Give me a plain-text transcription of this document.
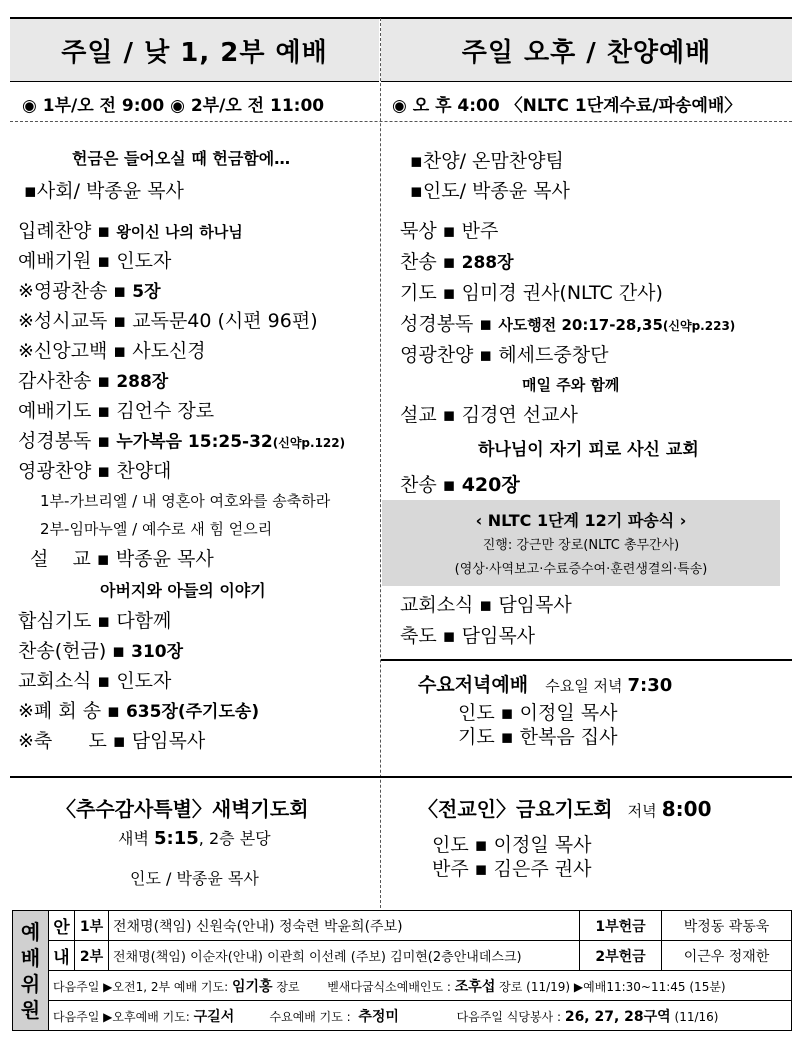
주일 / 낮 1, 2부 예배	주일 오후 / 찬양예배
◉ 1부/오 전 9:00 ◉ 2부/오 전 11:00	◉ 오 후 4:00 〈NLTC 1단계수료/파송예배〉
헌금은 들어오실 때 헌금함에…
▪사회/ 박종윤 목사
입례찬양 ▪ 왕이신 나의 하나님
예배기원 ▪ 인도자
※영광찬송 ▪ 5장
※성시교독 ▪ 교독문40 (시편 96편)
※신앙고백 ▪ 사도신경
감사찬송 ▪ 288장
예배기도 ▪ 김언수 장로
성경봉독 ▪ 누가복음 15:25-32(신약p.122)
영광찬양 ▪ 찬양대
1부-가브리엘 / 내 영혼아 여호와를 송축하라
2부-임마누엘 / 예수로 새 힘 얻으리
설    교 ▪ 박종윤 목사
아버지와 아들의 이야기
합심기도 ▪ 다함께
찬송(헌금) ▪ 310장
교회소식 ▪ 인도자
※폐 회 송 ▪ 635장(주기도송)
※축      도 ▪ 담임목사
▪찬양/ 온맘찬양팀
▪인도/ 박종윤 목사
묵상 ▪ 반주
찬송 ▪ 288장
기도 ▪ 임미경 권사(NLTC 간사)
성경봉독 ▪ 사도행전 20:17-28,35(신약p.223)
영광찬양 ▪ 헤세드중창단
매일 주와 함께
설교 ▪ 김경연 선교사
하나님이 자기 피로 사신 교회
찬송 ▪ 420장
‹ NLTC 1단계 12기 파송식 ›
진행: 강근만 장로(NLTC 총무간사)
(영상·사역보고·수료증수여·훈련생결의·특송)
교회소식 ▪ 담임목사
축도 ▪ 담임목사
수요저녁예배 수요일 저녁 7:30
인도 ▪ 이정일 목사
기도 ▪ 한복음 집사
〈추수감사특별〉새벽기도회
새벽 5:15, 2층 본당
인도 / 박종윤 목사
〈전교인〉금요기도회 저녁 8:00
인도 ▪ 이정일 목사
반주 ▪ 김은주 권사
예배위원	안	1부	전채명(책임) 신원숙(안내) 정숙련 박윤희(주보)	1부헌금	박정동 곽동욱
	내	2부	전채명(책임) 이순자(안내) 이관희 이선례 (주보) 김미현(2층안내데스크)	2부헌금	이근우 정재한
	다음주일 ▶오전1, 2부 예배 기도: 임기홍 장로 벧새다굽식소예배인도 : 조후섭 장로 (11/19) ▶예배11:30~11:45 (15분)				
	다음주일 ▶오후예배 기도: 구길서    수요예배 기도 :  추정미 다음주일 식당봉사 : 26, 27, 28구역 (11/16)				
